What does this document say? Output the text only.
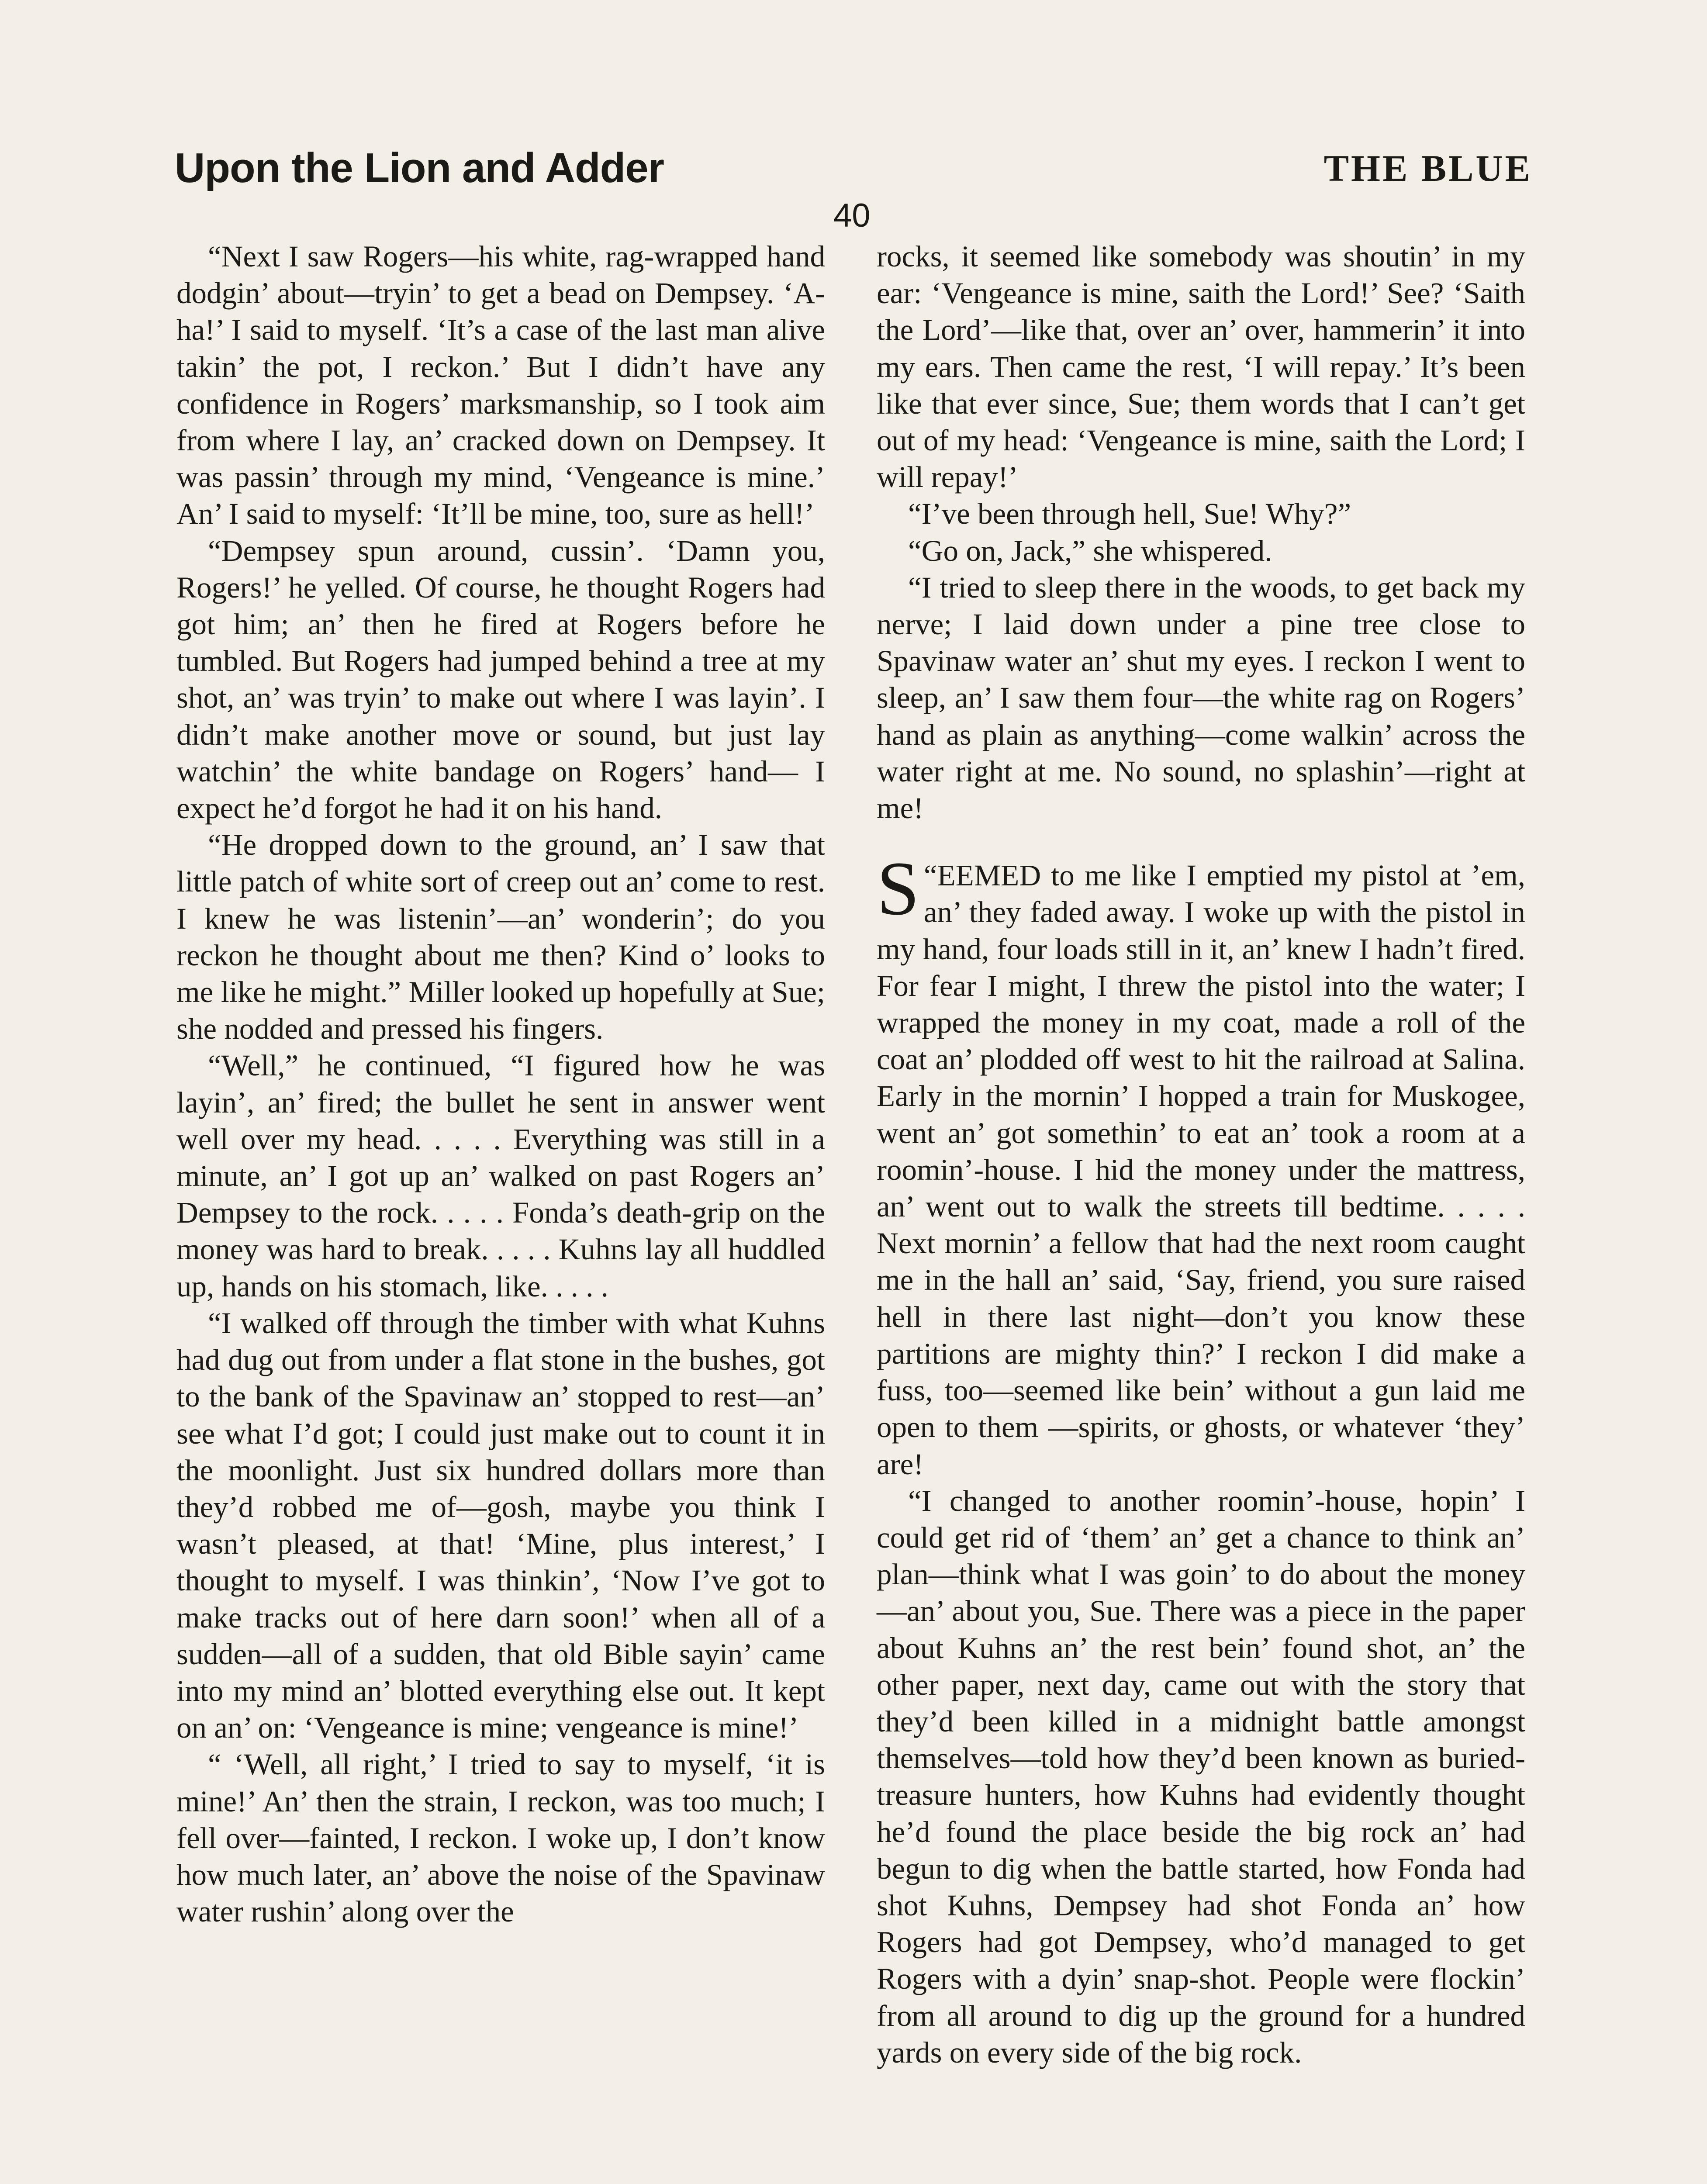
Upon the Lion and Adder	THE BLUE
40

“Next I saw Rogers—his white, rag-wrapped hand dodgin’ about—tryin’ to get a bead on Dempsey. ‘A-ha!’ I said to myself. ‘It’s a case of the last man alive takin’ the pot, I reckon.’ But I didn’t have any confidence in Rogers’ marksmanship, so I took aim from where I lay, an’ cracked down on Dempsey. It was passin’ through my mind, ‘Vengeance is mine.’ An’ I said to myself: ‘It’ll be mine, too, sure as hell!’

“Dempsey spun around, cussin’. ‘Damn you, Rogers!’ he yelled. Of course, he thought Rogers had got him; an’ then he fired at Rogers before he tumbled. But Rogers had jumped behind a tree at my shot, an’ was tryin’ to make out where I was layin’. I didn’t make another move or sound, but just lay watchin’ the white bandage on Rogers’ hand— I expect he’d forgot he had it on his hand.

“He dropped down to the ground, an’ I saw that little patch of white sort of creep out an’ come to rest. I knew he was listenin’—an’ wonderin’; do you reckon he thought about me then? Kind o’ looks to me like he might.” Miller looked up hopefully at Sue; she nodded and pressed his fingers.

“Well,” he continued, “I figured how he was layin’, an’ fired; the bullet he sent in answer went well over my head. . . . . Everything was still in a minute, an’ I got up an’ walked on past Rogers an’ Dempsey to the rock. . . . . Fonda’s death-grip on the money was hard to break. . . . . Kuhns lay all huddled up, hands on his stomach, like. . . . .

“I walked off through the timber with what Kuhns had dug out from under a flat stone in the bushes, got to the bank of the Spavinaw an’ stopped to rest—an’ see what I’d got; I could just make out to count it in the moonlight. Just six hundred dollars more than they’d robbed me of—gosh, maybe you think I wasn’t pleased, at that! ‘Mine, plus interest,’ I thought to myself. I was thinkin’, ‘Now I’ve got to make tracks out of here darn soon!’ when all of a sudden—all of a sudden, that old Bible sayin’ came into my mind an’ blotted everything else out. It kept on an’ on: ‘Vengeance is mine; vengeance is mine!’

“ ‘Well, all right,’ I tried to say to myself, ‘it is mine!’ An’ then the strain, I reckon, was too much; I fell over—fainted, I reckon. I woke up, I don’t know how much later, an’ above the noise of the Spavinaw water rushin’ along over the

rocks, it seemed like somebody was shoutin’ in my ear: ‘Vengeance is mine, saith the Lord!’ See? ‘Saith the Lord’—like that, over an’ over, hammerin’ it into my ears. Then came the rest, ‘I will repay.’ It’s been like that ever since, Sue; them words that I can’t get out of my head: ‘Vengeance is mine, saith the Lord; I will repay!’

“I’ve been through hell, Sue! Why?”

“Go on, Jack,” she whispered.

“I tried to sleep there in the woods, to get back my nerve; I laid down under a pine tree close to Spavinaw water an’ shut my eyes. I reckon I went to sleep, an’ I saw them four—the white rag on Rogers’ hand as plain as anything—come walkin’ across the water right at me. No sound, no splashin’—right at me!

“
S EEMED to me like I emptied my pistol at ’em, an’ they faded away. I woke up with the pistol in my hand, four loads still in it, an’ knew I hadn’t fired. For fear I might, I threw the pistol into the water; I wrapped the money in my coat, made a roll of the coat an’ plodded off west to hit the railroad at Salina. Early in the mornin’ I hopped a train for Muskogee, went an’ got somethin’ to eat an’ took a room at a roomin’-house. I hid the money under the mattress, an’ went out to walk the streets till bedtime. . . . . Next mornin’ a fellow that had the next room caught me in the hall an’ said, ‘Say, friend, you sure raised hell in there last night—don’t you know these partitions are mighty thin?’ I reckon I did make a fuss, too—seemed like bein’ without a gun laid me open to them —spirits, or ghosts, or whatever ‘they’ are!

“I changed to another roomin’-house, hopin’ I could get rid of ‘them’ an’ get a chance to think an’ plan—think what I was goin’ to do about the money—an’ about you, Sue. There was a piece in the paper about Kuhns an’ the rest bein’ found shot, an’ the other paper, next day, came out with the story that they’d been killed in a midnight battle amongst themselves—told how they’d been known as buried-treasure hunters, how Kuhns had evidently thought he’d found the place beside the big rock an’ had begun to dig when the battle started, how Fonda had shot Kuhns, Dempsey had shot Fonda an’ how Rogers had got Dempsey, who’d managed to get Rogers with a dyin’ snap-shot. People were flockin’ from all around to dig up the ground for a hundred yards on every side of the big rock.
